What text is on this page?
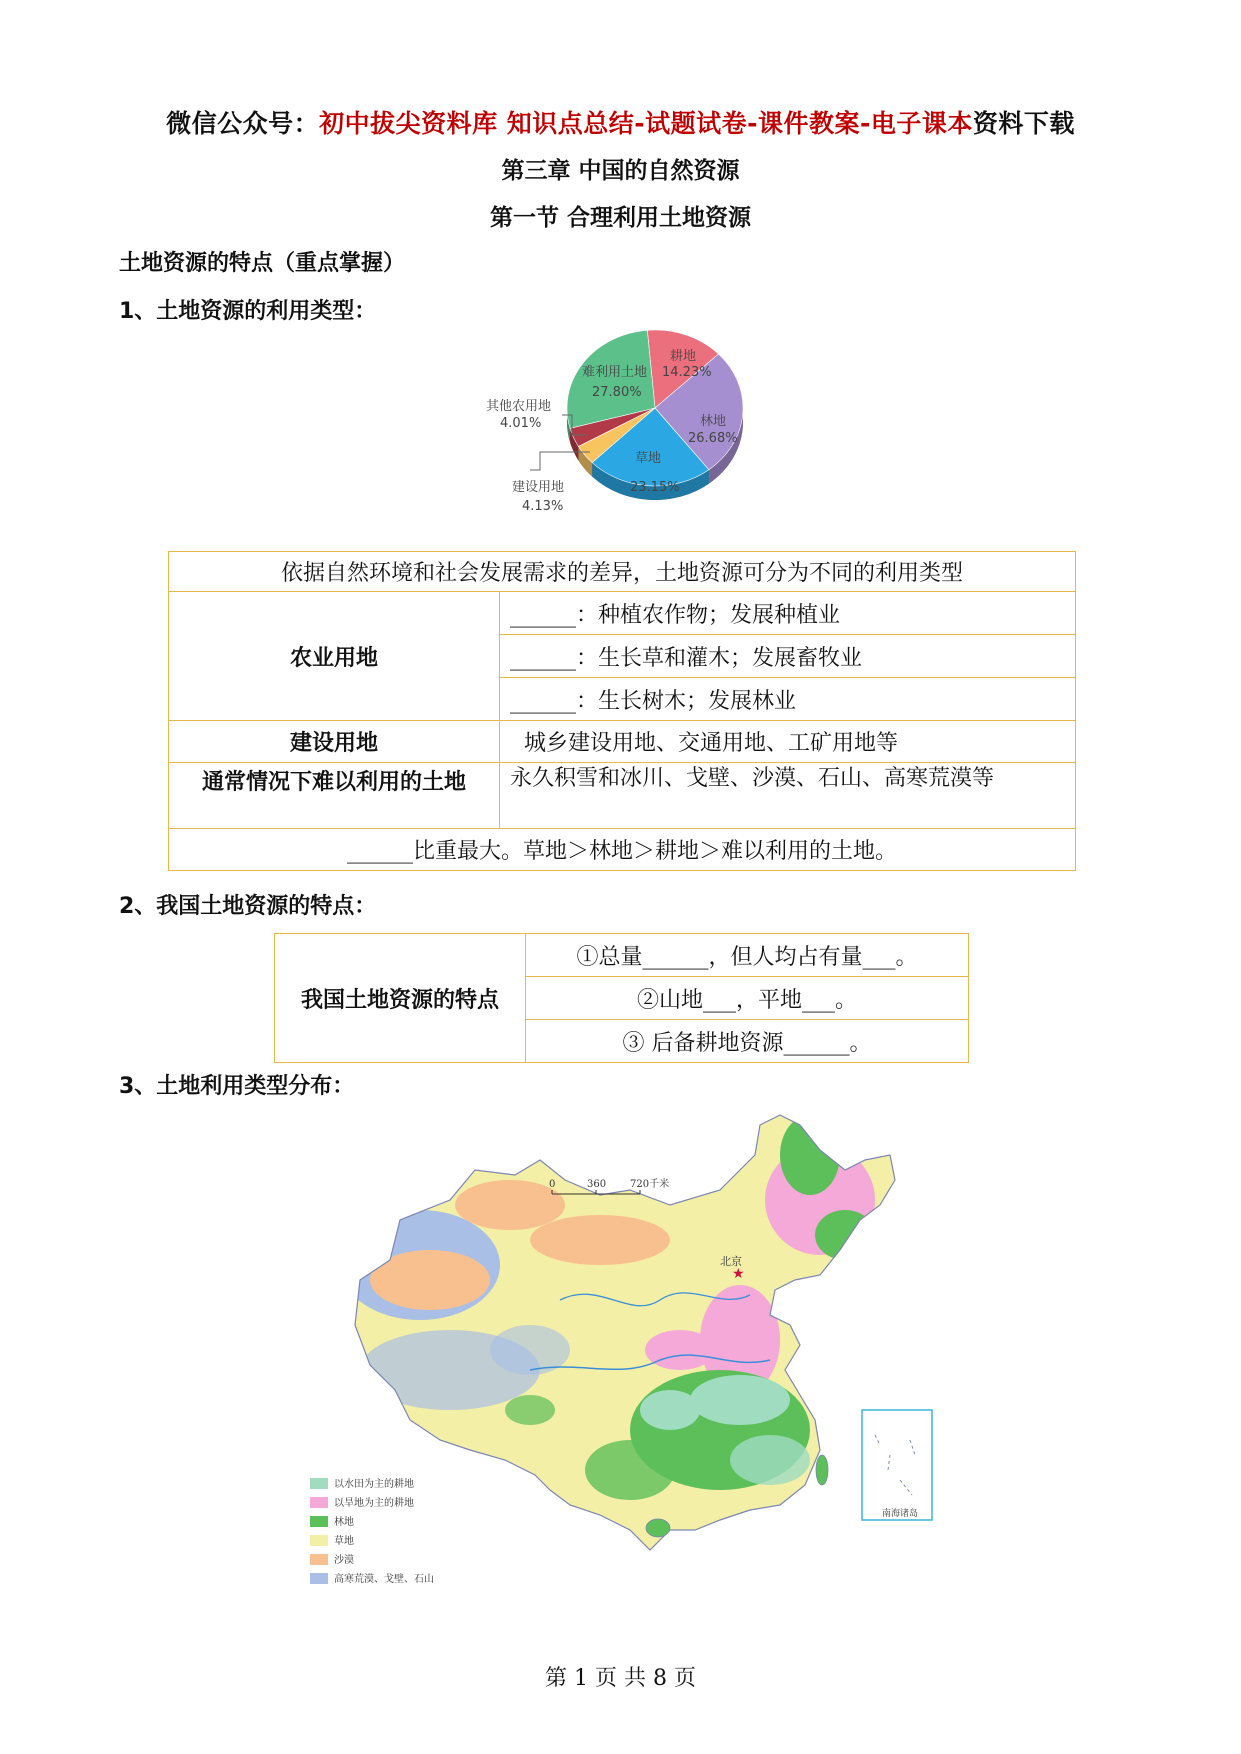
微信公众号：初中拔尖资料库 知识点总结-试题试卷-课件教案-电子课本资料下载
第三章 中国的自然资源
第一节 合理利用土地资源
土地资源的特点（重点掌握）
1、土地资源的利用类型：
耕地
14.23%
林地
26.68%
草地
23.15%
难利用土地
27.80%
其他农用地
4.01%
建设用地
4.13%
依据自然环境和社会发展需求的差异，土地资源可分为不同的利用类型	
农业用地	______：种植农作物；发展种植业
	______：生长草和灌木；发展畜牧业
	______：生长树木；发展林业
建设用地	城乡建设用地、交通用地、工矿用地等
通常情况下难以利用的土地	永久积雪和冰川、戈壁、沙漠、石山、高寒荒漠等
______比重最大。草地＞林地＞耕地＞难以利用的土地。	
2、我国土地资源的特点：
我国土地资源的特点	①总量______，但人均占有量___。
②山地___，平地___。
③ 后备耕地资源______。
3、土地利用类型分布：
0	360 720千米
★
北京
南海诸岛
以水田为主的耕地
以旱地为主的耕地
林地
草地
沙漠
高寒荒漠、戈壁、石山
第 1 页 共 8 页
